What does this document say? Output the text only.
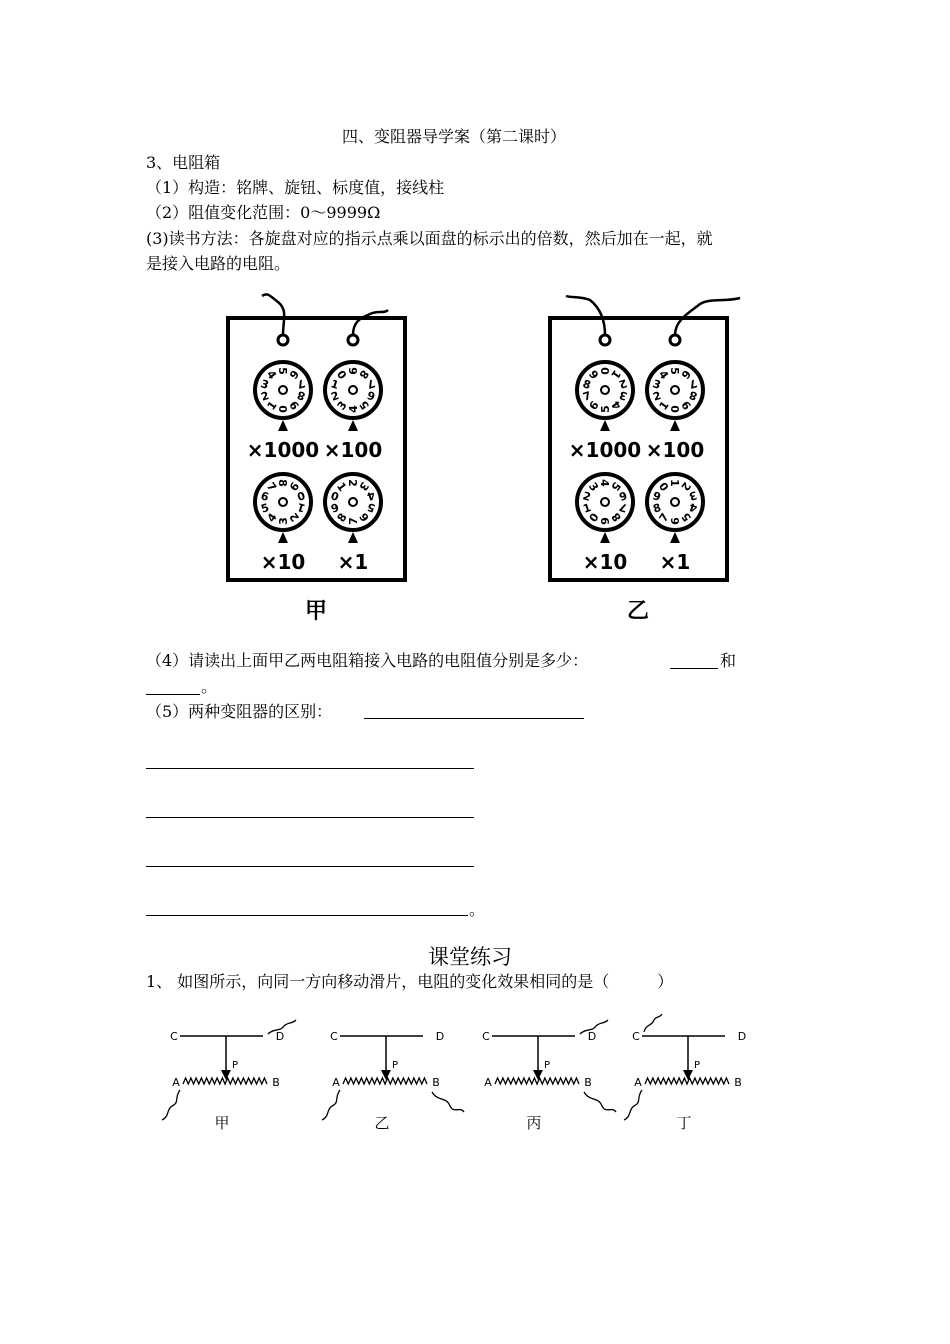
四、变阻器导学案（第二课时）
3、电阻箱
（1）构造：铭牌、旋钮、标度值，接线柱
（2）阻值变化范围：0～9999Ω
(3)读书方法：各旋盘对应的指示点乘以面盘的标示出的倍数，然后加在一起，就
是接入电路的电阻。
5
6
7
8
9
0
1
2
3
4
×1000
9
8
7
6
5
4
3
2
1
0
×100
8
9
0
1
2
3
4
5
6
7
×10
2
3
4
5
6
7
8
9
0
1
×1
甲
0
1
2
3
4
5
6
7
8
9
×1000
5
6
7
8
9
0
1
2
3
4
×100
4
5
6
7
8
9
0
1
2
3
×10
1
2
3
4
5
6
7
8
9
0
×1
乙
（4）请读出上面甲乙两电阻箱接入电路的电阻值分别是多少：	和
。
（5）两种变阻器的区别：
。
课堂练习
1、 如图所示，向同一方向移动滑片，电阻的变化效果相同的是（　　　）
C	D
P
A	B
甲
C	D
P
A	B
乙
C	D
P
A	B
丙
C	D
P
A	B
丁
